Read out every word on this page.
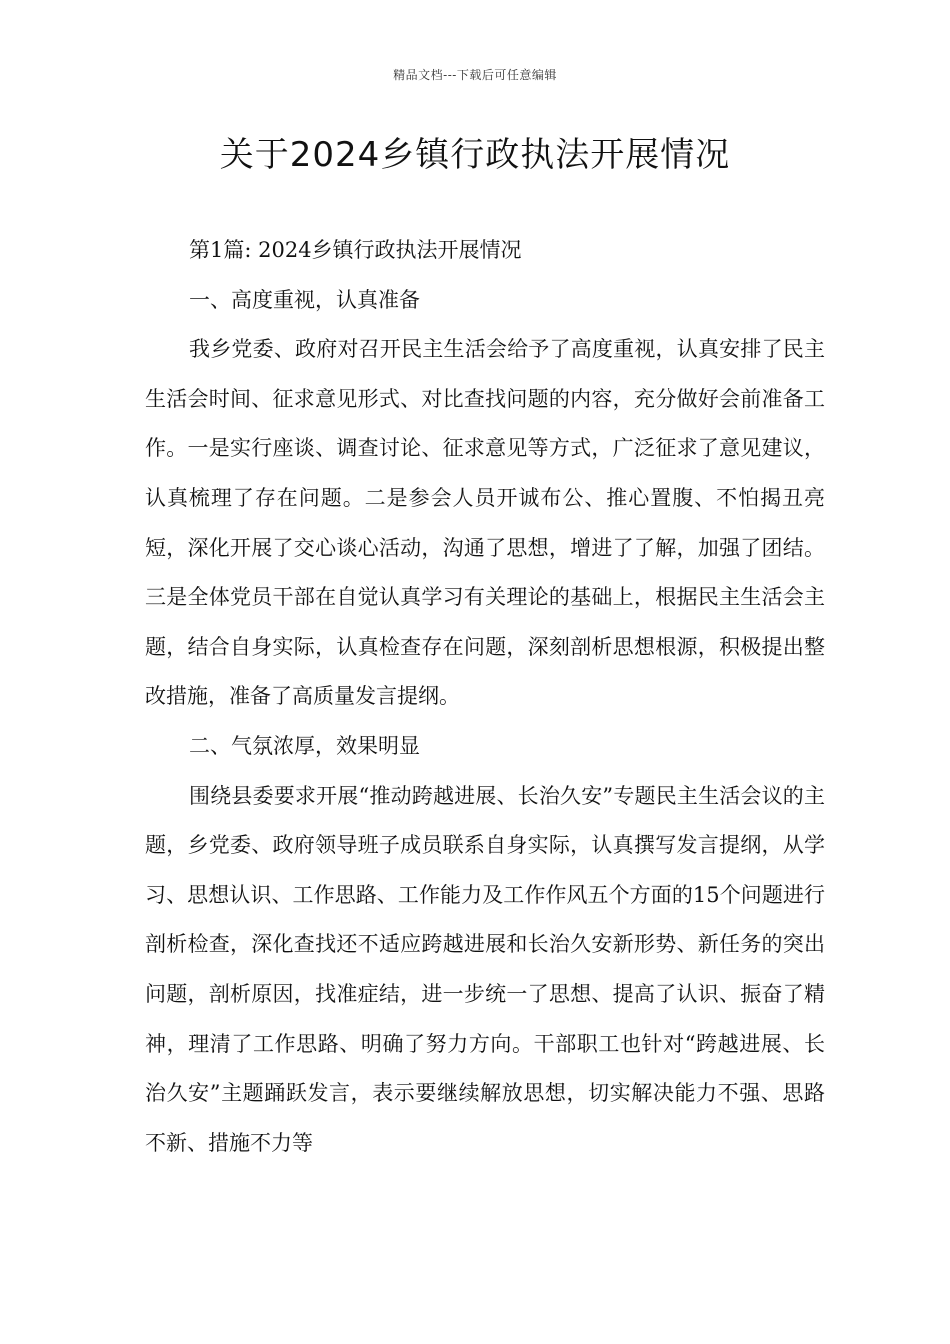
精品文档---下载后可任意编辑
关于2024乡镇行政执法开展情况

第1篇: 2024乡镇行政执法开展情况

一、高度重视，认真准备

我乡党委、政府对召开民主生活会给予了高度重视，认真安排了民主生活会时间、征求意见形式、对比查找问题的内容，充分做好会前准备工作。一是实行座谈、调查讨论、征求意见等方式，广泛征求了意见建议，认真梳理了存在问题。二是参会人员开诚布公、推心置腹、不怕揭丑亮短，深化开展了交心谈心活动，沟通了思想，增进了了解，加强了团结。三是全体党员干部在自觉认真学习有关理论的基础上，根据民主生活会主题，结合自身实际，认真检查存在问题，深刻剖析思想根源，积极提出整改措施，准备了高质量发言提纲。

二、气氛浓厚，效果明显

围绕县委要求开展“推动跨越进展、长治久安”专题民主生活会议的主题，乡党委、政府领导班子成员联系自身实际，认真撰写发言提纲，从学习、思想认识、工作思路、工作能力及工作作风五个方面的15个问题进行剖析检查，深化查找还不适应跨越进展和长治久安新形势、新任务的突出问题，剖析原因，找准症结，进一步统一了思想、提高了认识、振奋了精神，理清了工作思路、明确了努力方向。干部职工也针对“跨越进展、长治久安”主题踊跃发言，表示要继续解放思想，切实解决能力不强、思路不新、措施不力等
